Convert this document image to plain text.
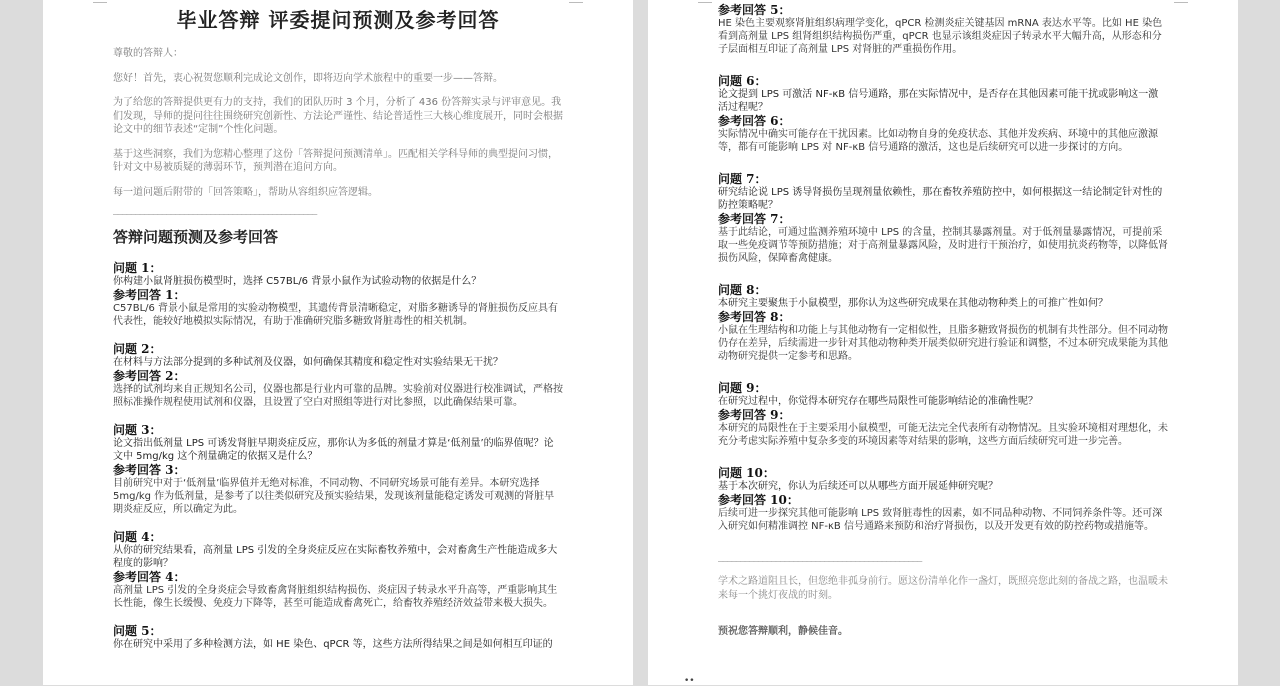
毕业答辩 评委提问预测及参考回答

尊敬的答辩人：

您好！首先，衷心祝贺您顺利完成论文创作，即将迈向学术旅程中的重要一步——答辩。

为了给您的答辩提供更有力的支持，我们的团队历时 3 个月，分析了 436 份答辩实录与评审意见。我们发现，导师的提问往往围绕研究创新性、方法论严谨性、结论普适性三大核心维度展开，同时会根据论文中的细节表述“定制”个性化问题。

基于这些洞察，我们为您精心整理了这份「答辩提问预测清单」。匹配相关学科导师的典型提问习惯，针对文中易被质疑的薄弱环节，预判潜在追问方向。

每一道问题后附带的「回答策略」，帮助从容组织应答逻辑。

——————————————————————————————————————————————
答辩问题预测及参考回答
问题 1：

你构建小鼠肾脏损伤模型时，选择 C57BL/6 背景小鼠作为试验动物的依据是什么？

参考回答 1：

C57BL/6 背景小鼠是常用的实验动物模型，其遗传背景清晰稳定，对脂多糖诱导的肾脏损伤反应具有代表性，能较好地模拟实际情况，有助于准确研究脂多糖致肾脏毒性的相关机制。

问题 2：

在材料与方法部分提到的多种试剂及仪器，如何确保其精度和稳定性对实验结果无干扰？

参考回答 2：

选择的试剂均来自正规知名公司，仪器也都是行业内可靠的品牌。实验前对仪器进行校准调试，严格按照标准操作规程使用试剂和仪器，且设置了空白对照组等进行对比参照，以此确保结果可靠。

问题 3：

论文指出低剂量 LPS 可诱发肾脏早期炎症反应，那你认为多低的剂量才算是‘低剂量’的临界值呢？论文中 5mg/kg 这个剂量确定的依据又是什么？

参考回答 3：

目前研究中对于‘低剂量’临界值并无绝对标准，不同动物、不同研究场景可能有差异。本研究选择 5mg/kg 作为低剂量，是参考了以往类似研究及预实验结果，发现该剂量能稳定诱发可观测的肾脏早期炎症反应，所以确定为此。

问题 4：

从你的研究结果看，高剂量 LPS 引发的全身炎症反应在实际畜牧养殖中，会对畜禽生产性能造成多大程度的影响？

参考回答 4：

高剂量 LPS 引发的全身炎症会导致畜禽肾脏组织结构损伤、炎症因子转录水平升高等，严重影响其生长性能，像生长缓慢、免疫力下降等，甚至可能造成畜禽死亡，给畜牧养殖经济效益带来极大损失。

问题 5：

你在研究中采用了多种检测方法，如 HE 染色、qPCR 等，这些方法所得结果之间是如何相互印证的

参考回答 5：

HE 染色主要观察肾脏组织病理学变化，qPCR 检测炎症关键基因 mRNA 表达水平等。比如 HE 染色看到高剂量 LPS 组肾组织结构损伤严重，qPCR 也显示该组炎症因子转录水平大幅升高，从形态和分子层面相互印证了高剂量 LPS 对肾脏的严重损伤作用。

问题 6：

论文提到 LPS 可激活 NF-κB 信号通路，那在实际情况中，是否存在其他因素可能干扰或影响这一激活过程呢？

参考回答 6：

实际情况中确实可能存在干扰因素。比如动物自身的免疫状态、其他并发疾病、环境中的其他应激源等，都有可能影响 LPS 对 NF-κB 信号通路的激活，这也是后续研究可以进一步探讨的方向。

问题 7：

研究结论说 LPS 诱导肾损伤呈现剂量依赖性，那在畜牧养殖防控中，如何根据这一结论制定针对性的防控策略呢？

参考回答 7：

基于此结论，可通过监测养殖环境中 LPS 的含量，控制其暴露剂量。对于低剂量暴露情况，可提前采取一些免疫调节等预防措施；对于高剂量暴露风险，及时进行干预治疗，如使用抗炎药物等，以降低肾损伤风险，保障畜禽健康。

问题 8：

本研究主要聚焦于小鼠模型，那你认为这些研究成果在其他动物种类上的可推广性如何？

参考回答 8：

小鼠在生理结构和功能上与其他动物有一定相似性，且脂多糖致肾损伤的机制有共性部分。但不同动物仍存在差异，后续需进一步针对其他动物种类开展类似研究进行验证和调整，不过本研究成果能为其他动物研究提供一定参考和思路。

问题 9：

在研究过程中，你觉得本研究存在哪些局限性可能影响结论的准确性呢？

参考回答 9：

本研究的局限性在于主要采用小鼠模型，可能无法完全代表所有动物情况。且实验环境相对理想化，未充分考虑实际养殖中复杂多变的环境因素等对结果的影响，这些方面后续研究可进一步完善。

问题 10：

基于本次研究，你认为后续还可以从哪些方面开展延伸研究呢？

参考回答 10：

后续可进一步探究其他可能影响 LPS 致肾脏毒性的因素，如不同品种动物、不同饲养条件等。还可深入研究如何精准调控 NF-κB 信号通路来预防和治疗肾损伤，以及开发更有效的防控药物或措施等。

——————————————————————————————————————————————

学术之路道阻且长，但您绝非孤身前行。愿这份清单化作一盏灯，既照亮您此刻的备战之路，也温暖未来每一个挑灯夜战的时刻。

预祝您答辩顺利，静候佳音。
••
